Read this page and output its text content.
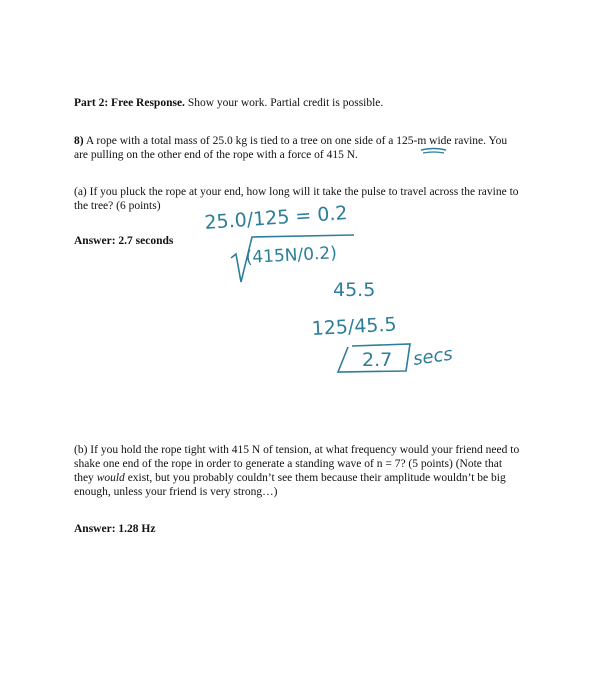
Part 2: Free Response. Show your work. Partial credit is possible.
8) A rope with a total mass of 25.0 kg is tied to a tree on one side of a 125-m wide ravine. You
are pulling on the other end of the rope with a force of 415 N.
(a) If you pluck the rope at your end, how long will it take the pulse to travel across the ravine to
the tree? (6 points)
Answer: 2.7 seconds
(b) If you hold the rope tight with 415 N of tension, at what frequency would your friend need to
shake one end of the rope in order to generate a standing wave of n = 7? (5 points) (Note that
they would exist, but you probably couldn’t see them because their amplitude wouldn’t be big
enough, unless your friend is very strong…)
Answer: 1.28 Hz
25.0/125 = 0.2
(415N/0.2)
45.5
125/45.5
2.7 secs
